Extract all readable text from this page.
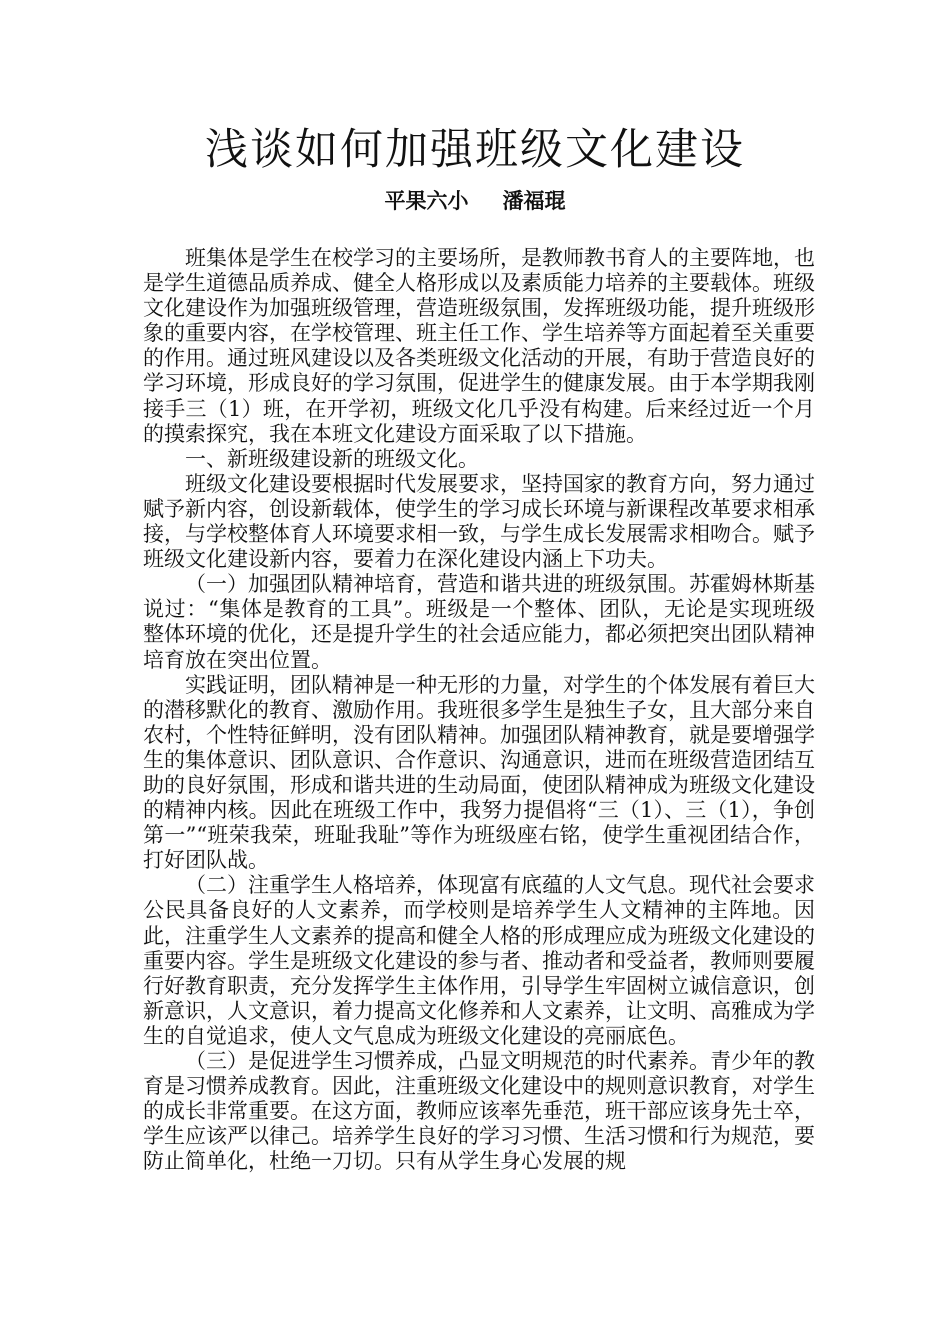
浅谈如何加强班级文化建设
平果六小 潘福琨

班集体是学生在校学习的主要场所，是教师教书育人的主要阵地，也是学生道德品质养成、健全人格形成以及素质能力培养的主要载体。班级文化建设作为加强班级管理，营造班级氛围，发挥班级功能，提升班级形象的重要内容，在学校管理、班主任工作、学生培养等方面起着至关重要的作用。通过班风建设以及各类班级文化活动的开展，有助于营造良好的学习环境，形成良好的学习氛围，促进学生的健康发展。由于本学期我刚接手三（1）班，在开学初，班级文化几乎没有构建。后来经过近一个月的摸索探究，我在本班文化建设方面采取了以下措施。

一、新班级建设新的班级文化。

班级文化建设要根据时代发展要求，坚持国家的教育方向，努力通过赋予新内容，创设新载体，使学生的学习成长环境与新课程改革要求相承接，与学校整体育人环境要求相一致，与学生成长发展需求相吻合。赋予班级文化建设新内容，要着力在深化建设内涵上下功夫。

（一）加强团队精神培育，营造和谐共进的班级氛围。苏霍姆林斯基说过：“集体是教育的工具”。班级是一个整体、团队，无论是实现班级整体环境的优化，还是提升学生的社会适应能力，都必须把突出团队精神培育放在突出位置。

实践证明，团队精神是一种无形的力量，对学生的个体发展有着巨大的潜移默化的教育、激励作用。我班很多学生是独生子女，且大部分来自农村，个性特征鲜明，没有团队精神。加强团队精神教育，就是要增强学生的集体意识、团队意识、合作意识、沟通意识，进而在班级营造团结互助的良好氛围，形成和谐共进的生动局面，使团队精神成为班级文化建设的精神内核。因此在班级工作中，我努力提倡将“三（1）、三（1），争创第一”“班荣我荣，班耻我耻”等作为班级座右铭，使学生重视团结合作，打好团队战。

（二）注重学生人格培养，体现富有底蕴的人文气息。现代社会要求公民具备良好的人文素养，而学校则是培养学生人文精神的主阵地。因此，注重学生人文素养的提高和健全人格的形成理应成为班级文化建设的重要内容。学生是班级文化建设的参与者、推动者和受益者，教师则要履行好教育职责，充分发挥学生主体作用，引导学生牢固树立诚信意识，创新意识，人文意识，着力提高文化修养和人文素养，让文明、高雅成为学生的自觉追求，使人文气息成为班级文化建设的亮丽底色。

（三）是促进学生习惯养成，凸显文明规范的时代素养。青少年的教育是习惯养成教育。因此，注重班级文化建设中的规则意识教育，对学生的成长非常重要。在这方面，教师应该率先垂范，班干部应该身先士卒，学生应该严以律己。培养学生良好的学习习惯、生活习惯和行为规范，要防止简单化，杜绝一刀切。只有从学生身心发展的规
